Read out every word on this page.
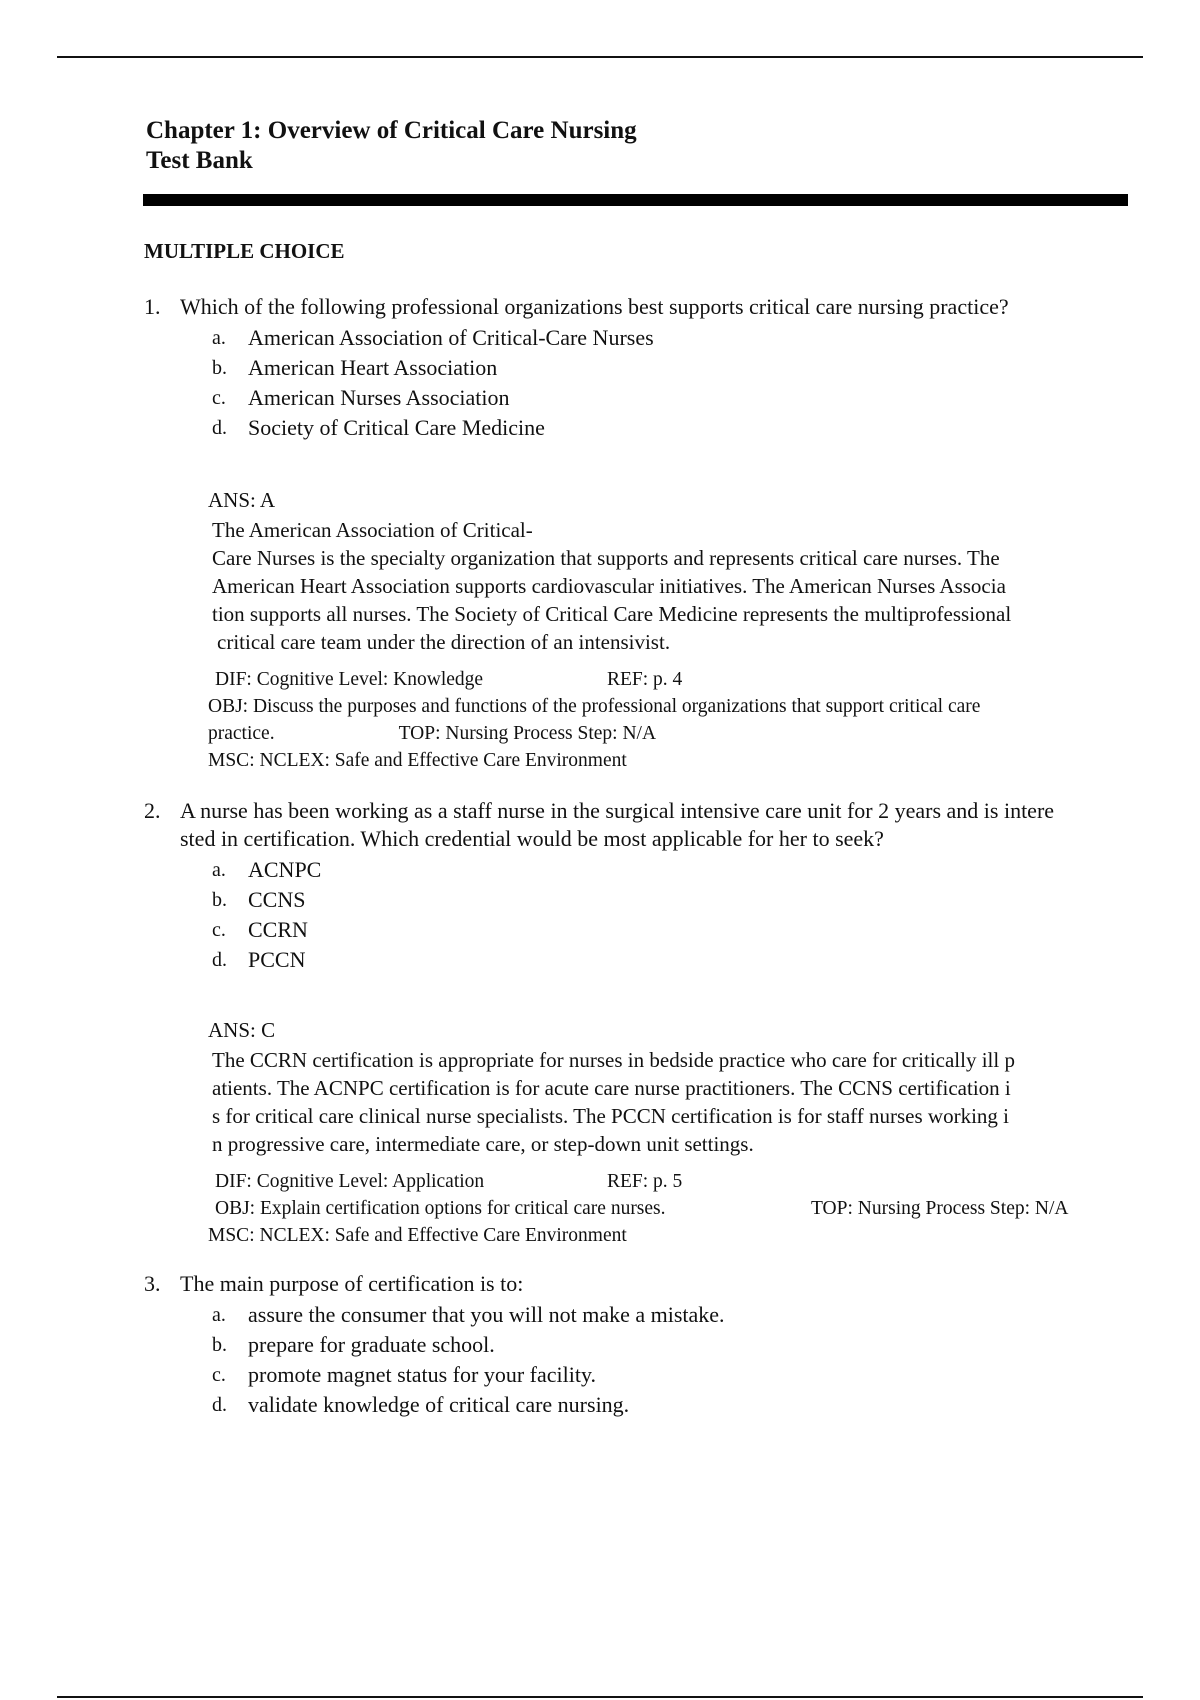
Chapter 1: Overview of Critical Care Nursing
Test Bank
MULTIPLE CHOICE
1. Which of the following professional organizations best supports critical care nursing practice?
a.	American Association of Critical-Care Nurses
b. American Heart Association
c.	American Nurses Association
d. Society of Critical Care Medicine
ANS: A
The American Association of Critical-
Care Nurses is the specialty organization that supports and represents critical care nurses. The
American Heart Association supports cardiovascular initiatives. The American Nurses Associa
tion supports all nurses. The Society of Critical Care Medicine represents the multiprofessional
critical care team under the direction of an intensivist.
DIF: Cognitive Level: Knowledge	REF: p. 4
OBJ: Discuss the purposes and functions of the professional organizations that support critical care
practice.	TOP: Nursing Process Step: N/A
MSC: NCLEX: Safe and Effective Care Environment
2. A nurse has been working as a staff nurse in the surgical intensive care unit for 2 years and is intere
sted in certification. Which credential would be most applicable for her to seek?
a.	ACNPC
b. CCNS
c.	CCRN
d. PCCN
ANS: C
The CCRN certification is appropriate for nurses in bedside practice who care for critically ill p
atients. The ACNPC certification is for acute care nurse practitioners. The CCNS certification i
s for critical care clinical nurse specialists. The PCCN certification is for staff nurses working i
n progressive care, intermediate care, or step-down unit settings.
DIF: Cognitive Level: Application	REF: p. 5
OBJ: Explain certification options for critical care nurses.	TOP: Nursing Process Step: N/A
MSC: NCLEX: Safe and Effective Care Environment
3. The main purpose of certification is to:
a.	assure the consumer that you will not make a mistake.
b. prepare for graduate school.
c.	promote magnet status for your facility.
d. validate knowledge of critical care nursing.
